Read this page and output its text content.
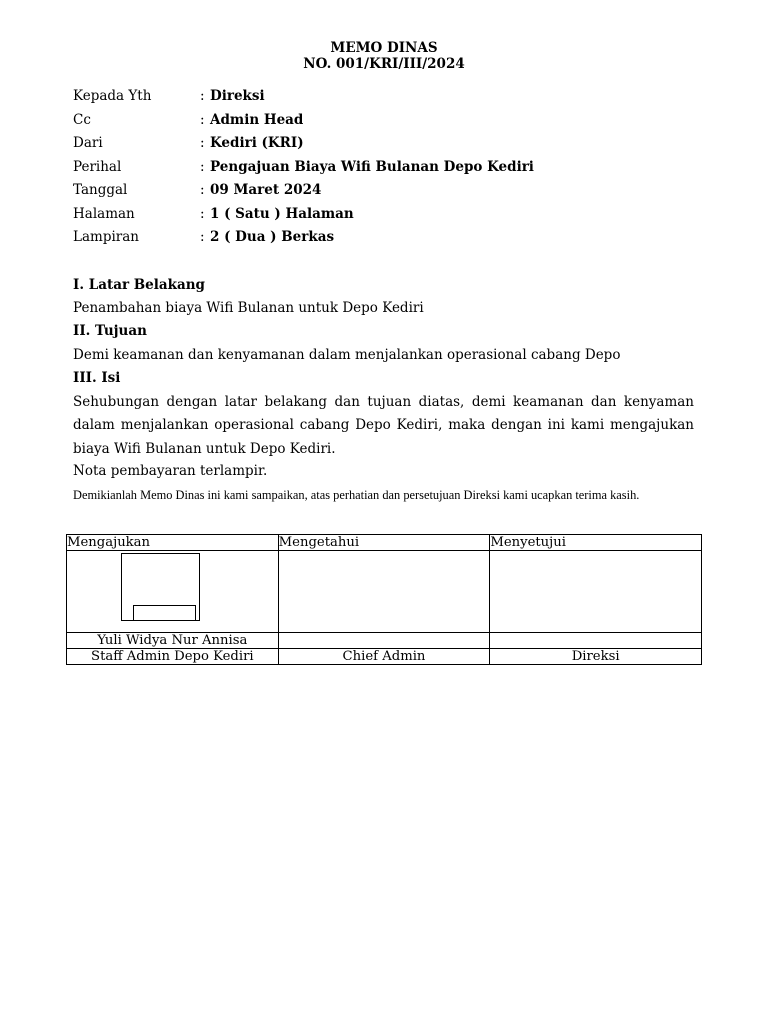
MEMO DINAS
NO. 001/KRI/III/2024
Kepada Yth	: Direksi
Cc	: Admin Head
Dari	: Kediri (KRI)
Perihal	: Pengajuan Biaya Wifi Bulanan Depo Kediri
Tanggal	: 09 Maret 2024
Halaman	: 1 ( Satu ) Halaman
Lampiran	: 2 ( Dua ) Berkas
I. Latar Belakang
Penambahan biaya Wifi Bulanan untuk Depo Kediri
II. Tujuan
Demi keamanan dan kenyamanan dalam menjalankan operasional cabang Depo
III. Isi
Sehubungan dengan latar belakang dan tujuan diatas, demi keamanan dan kenyaman dalam menjalankan operasional cabang Depo Kediri, maka dengan ini kami mengajukan biaya Wifi Bulanan untuk Depo Kediri.
Nota pembayaran terlampir.
Demikianlah Memo Dinas ini kami sampaikan, atas perhatian dan persetujuan Direksi kami ucapkan terima kasih.
Mengajukan	Mengetahui	Menyetujui

Yuli Widya Nur Annisa		
Staff Admin Depo Kediri	Chief Admin	Direksi
